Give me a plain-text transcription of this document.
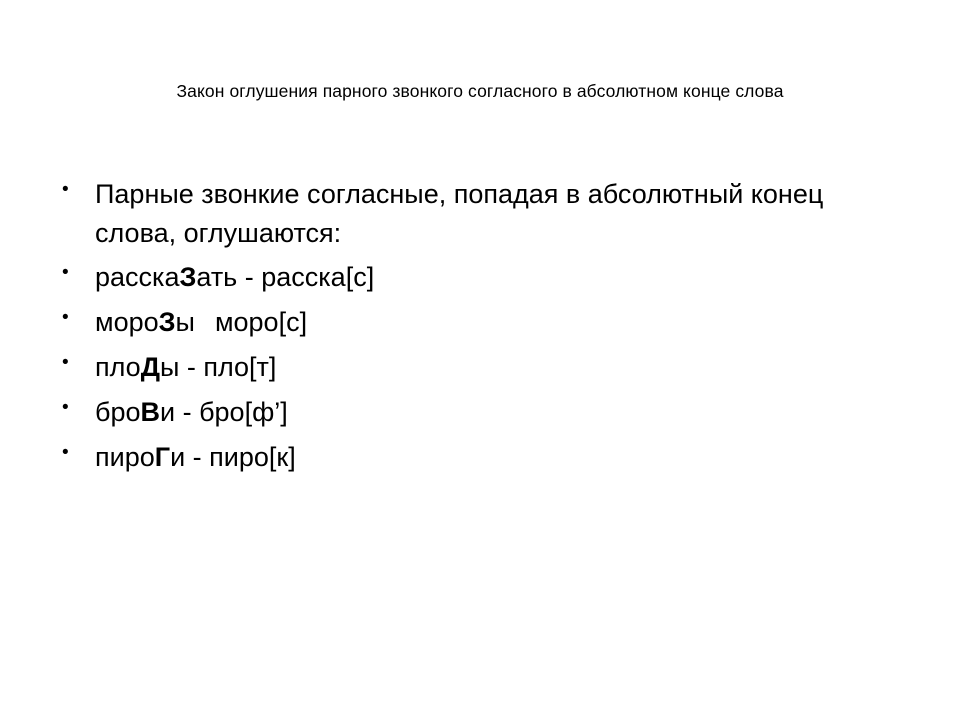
Закон оглушения парного звонкого согласного в абсолютном конце слова
• Парные звонкие согласные, попадая в абсолютный конец слова, оглушаются:
• расскаЗать - расска[с]
• мороЗы моро[с]
• плоДы - пло[т]
• броВи - бро[ф’]
• пироГи - пиро[к]
